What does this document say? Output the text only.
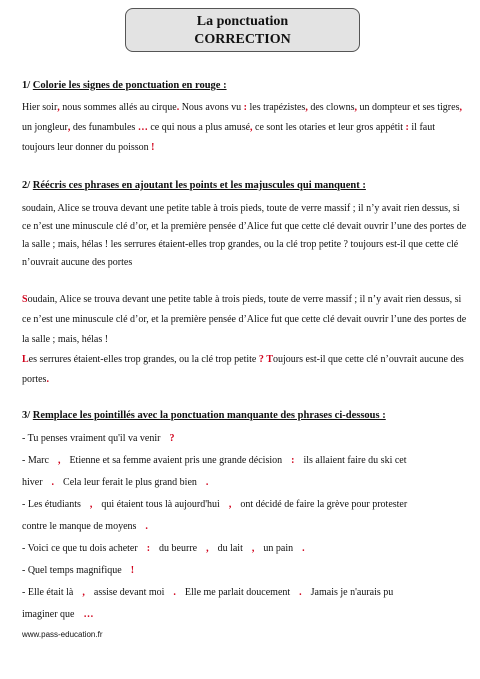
La ponctuation
CORRECTION
1/ Colorie les signes de ponctuation en rouge :
Hier soir, nous sommes allés au cirque. Nous avons vu : les trapézistes, des clowns, un dompteur et ses tigres, un jongleur, des funambules … ce qui nous a plus amusé, ce sont les otaries et leur gros appétit : il faut toujours leur donner du poisson !
2/ Réécris ces phrases en ajoutant les points et les majuscules qui manquent :
soudain, Alice se trouva devant une petite table à trois pieds, toute de verre massif ; il n’y avait rien dessus, si ce n’est une minuscule clé d’or, et la première pensée d’Alice fut que cette clé devait ouvrir l’une des portes de la salle ; mais, hélas ! les serrures étaient-elles trop grandes, ou la clé trop petite ? toujours est-il que cette clé n’ouvrait aucune des portes
Soudain, Alice se trouva devant une petite table à trois pieds, toute de verre massif ; il n’y avait rien dessus, si ce n’est une minuscule clé d’or, et la première pensée d’Alice fut que cette clé devait ouvrir l’une des portes de la salle ; mais, hélas !
Les serrures étaient-elles trop grandes, ou la clé trop petite ? Toujours est-il que cette clé n’ouvrait aucune des portes.
3/ Remplace les pointillés avec la ponctuation manquante des phrases ci-dessous :
- Tu penses vraiment qu'il va venir ?
- Marc , Etienne et sa femme avaient pris une grande décision : ils allaient faire du ski cet
hiver . Cela leur ferait le plus grand bien .
- Les étudiants , qui étaient tous là aujourd'hui , ont décidé de faire la grève pour protester
contre le manque de moyens .
- Voici ce que tu dois acheter : du beurre , du lait , un pain .
- Quel temps magnifique !
- Elle était là , assise devant moi . Elle me parlait doucement . Jamais je n'aurais pu
imaginer que …
www.pass-education.fr
